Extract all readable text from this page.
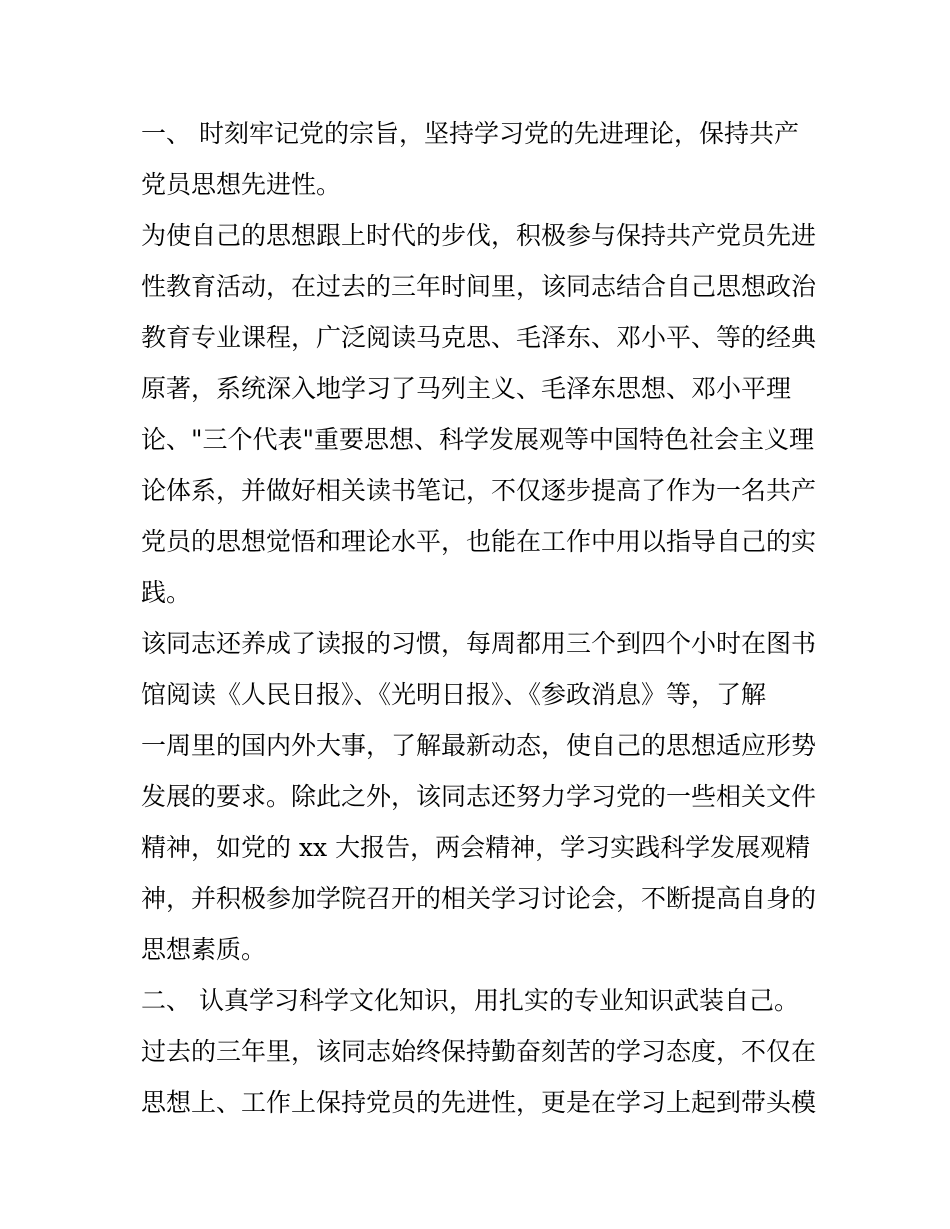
一、 时刻牢记党的宗旨，坚持学习党的先进理论，保持共产
党员思想先进性。
为使自己的思想跟上时代的步伐，积极参与保持共产党员先进
性教育活动，在过去的三年时间里，该同志结合自己思想政治
教育专业课程，广泛阅读马克思、毛泽东、邓小平、等的经典
原著，系统深入地学习了马列主义、毛泽东思想、邓小平理
论、"三个代表"重要思想、科学发展观等中国特色社会主义理
论体系，并做好相关读书笔记，不仅逐步提高了作为一名共产
党员的思想觉悟和理论水平，也能在工作中用以指导自己的实
践。
该同志还养成了读报的习惯，每周都用三个到四个小时在图书
馆阅读《人民日报》、《光明日报》、《参政消息》等，了解
一周里的国内外大事，了解最新动态，使自己的思想适应形势
发展的要求。除此之外，该同志还努力学习党的一些相关文件
精神，如党的 xx 大报告，两会精神，学习实践科学发展观精
神，并积极参加学院召开的相关学习讨论会，不断提高自身的
思想素质。
二、 认真学习科学文化知识，用扎实的专业知识武装自己。
过去的三年里，该同志始终保持勤奋刻苦的学习态度，不仅在
思想上、工作上保持党员的先进性，更是在学习上起到带头模
